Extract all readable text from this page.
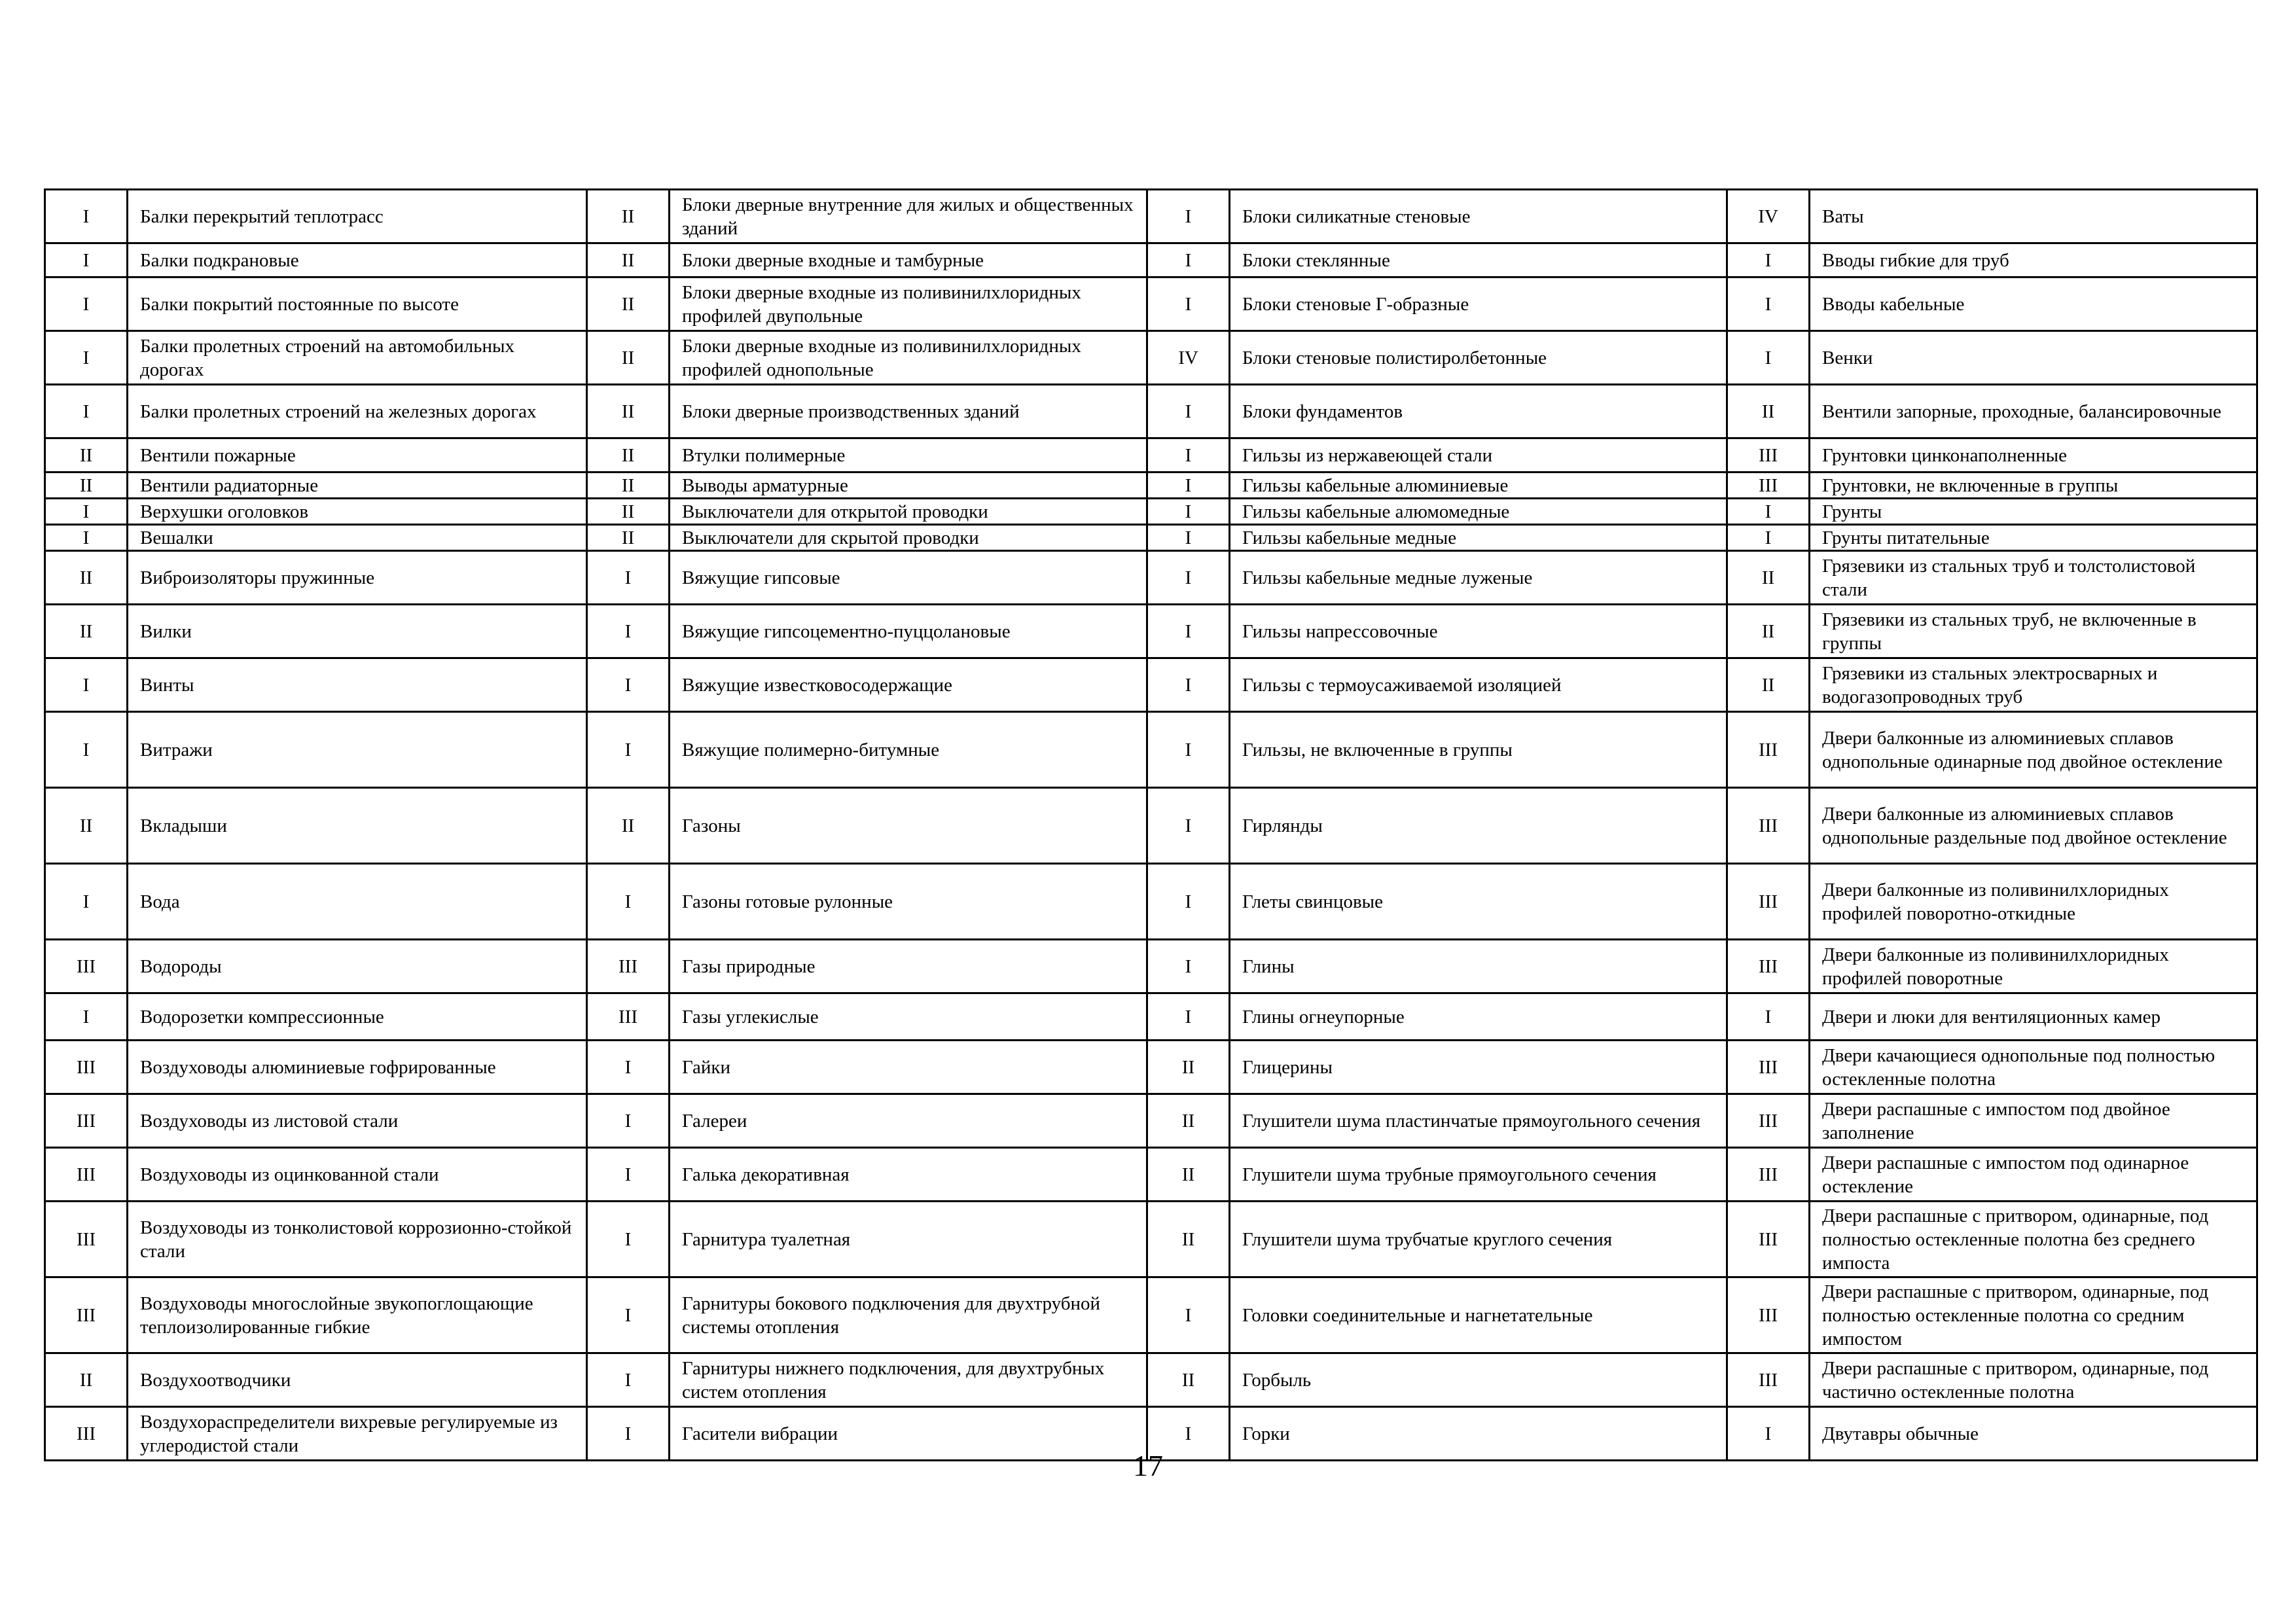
I	Балки перекрытий теплотрасс	II	Блоки дверные внутренние для жилых и общественных зданий	I	Блоки силикатные стеновые	IV	Ваты
I	Балки подкрановые	II	Блоки дверные входные и тамбурные	I	Блоки стеклянные	I	Вводы гибкие для труб
I	Балки покрытий постоянные по высоте	II	Блоки дверные входные из поливинилхлоридных профилей двупольные	I	Блоки стеновые Г-образные	I	Вводы кабельные
I	Балки пролетных строений на автомобильных дорогах	II	Блоки дверные входные из поливинилхлоридных профилей однопольные	IV	Блоки стеновые полистиролбетонные	I	Венки
I	Балки пролетных строений на железных дорогах	II	Блоки дверные производственных зданий	I	Блоки фундаментов	II	Вентили запорные, проходные, балансировочные
II	Вентили пожарные	II	Втулки полимерные	I	Гильзы из нержавеющей стали	III	Грунтовки цинконаполненные
II	Вентили радиаторные	II	Выводы арматурные	I	Гильзы кабельные алюминиевые	III	Грунтовки, не включенные в группы
I	Верхушки оголовков	II	Выключатели для открытой проводки	I	Гильзы кабельные алюмомедные	I	Грунты
I	Вешалки	II	Выключатели для скрытой проводки	I	Гильзы кабельные медные	I	Грунты питательные
II	Виброизоляторы пружинные	I	Вяжущие гипсовые	I	Гильзы кабельные медные луженые	II	Грязевики из стальных труб и толстолистовой стали
II	Вилки	I	Вяжущие гипсоцементно-пуццолановые	I	Гильзы напрессовочные	II	Грязевики из стальных труб, не включенные в группы
I	Винты	I	Вяжущие известковосодержащие	I	Гильзы с термоусаживаемой изоляцией	II	Грязевики из стальных электросварных и водогазопроводных труб
I	Витражи	I	Вяжущие полимерно-битумные	I	Гильзы, не включенные в группы	III	Двери балконные из алюминиевых сплавов однопольные одинарные под двойное остекление
II	Вкладыши	II	Газоны	I	Гирлянды	III	Двери балконные из алюминиевых сплавов однопольные раздельные под двойное остекление
I	Вода	I	Газоны готовые рулонные	I	Глеты свинцовые	III	Двери балконные из поливинилхлоридных профилей поворотно-откидные
III	Водороды	III	Газы природные	I	Глины	III	Двери балконные из поливинилхлоридных профилей поворотные
I	Водорозетки компрессионные	III	Газы углекислые	I	Глины огнеупорные	I	Двери и люки для вентиляционных камер
III	Воздуховоды алюминиевые гофрированные	I	Гайки	II	Глицерины	III	Двери качающиеся однопольные под полностью остекленные полотна
III	Воздуховоды из листовой стали	I	Галереи	II	Глушители шума пластинчатые прямоугольного сечения	III	Двери распашные с импостом под двойное заполнение
III	Воздуховоды из оцинкованной стали	I	Галька декоративная	II	Глушители шума трубные прямоугольного сечения	III	Двери распашные с импостом под одинарное остекление
III	Воздуховоды из тонколистовой коррозионно-стойкой стали	I	Гарнитура туалетная	II	Глушители шума трубчатые круглого сечения	III	Двери распашные с притвором, одинарные, под полностью остекленные полотна без среднего импоста
III	Воздуховоды многослойные звукопоглощающие теплоизолированные гибкие	I	Гарнитуры бокового подключения для двухтрубной системы отопления	I	Головки соединительные и нагнетательные	III	Двери распашные с притвором, одинарные, под полностью остекленные полотна со средним импостом
II	Воздухоотводчики	I	Гарнитуры нижнего подключения, для двухтрубных систем отопления	II	Горбыль	III	Двери распашные с притвором, одинарные, под частично остекленные полотна
III	Воздухораспределители вихревые регулируемые из углеродистой стали	I	Гасители вибрации	I	Горки	I	Двутавры обычные
17
